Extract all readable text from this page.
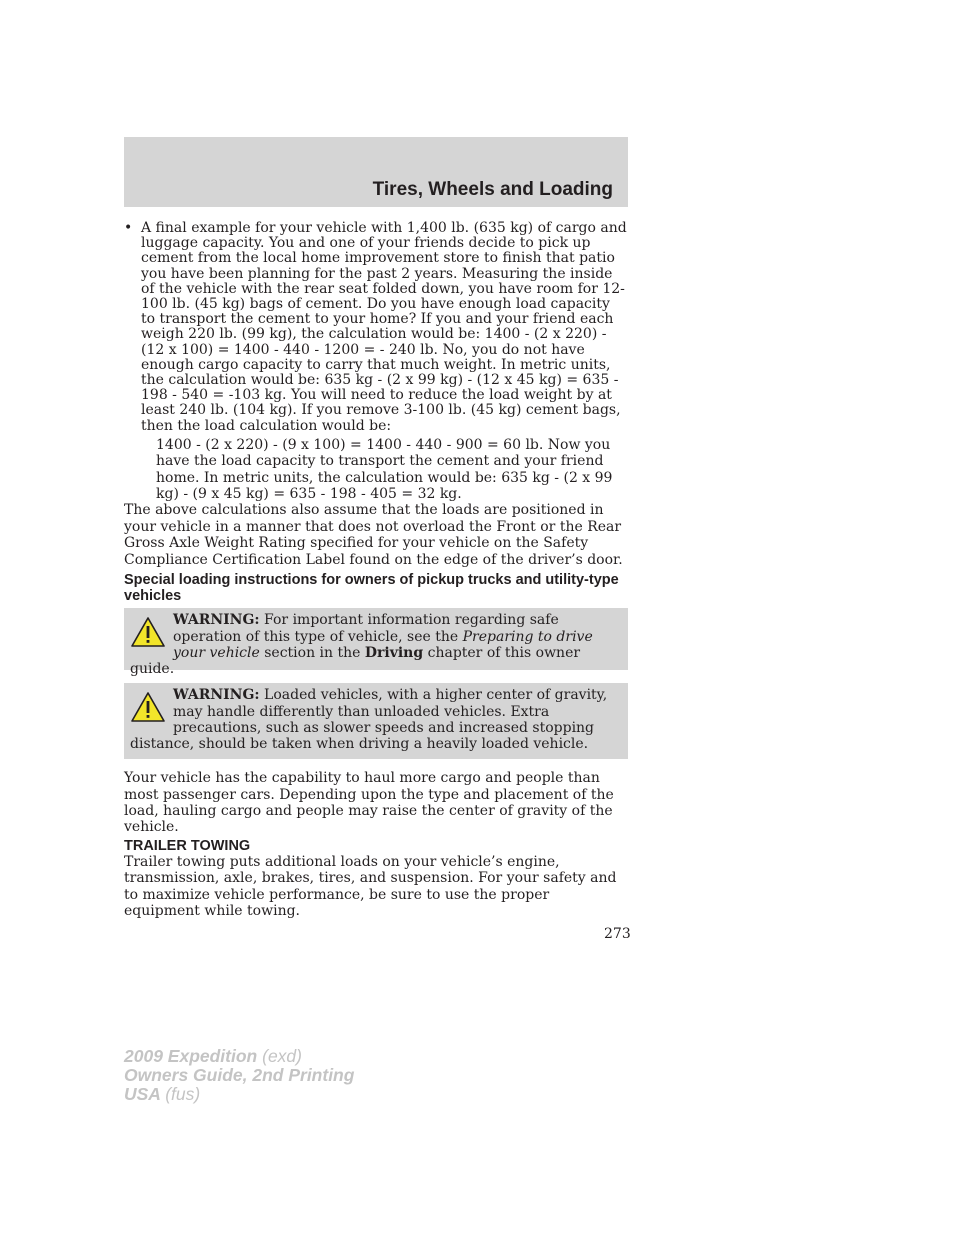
Tires, Wheels and Loading
• A final example for your vehicle with 1,400 lb. (635 kg) of cargo and luggage capacity. You and one of your friends decide to pick up cement from the local home improvement store to finish that patio you have been planning for the past 2 years. Measuring the inside of the vehicle with the rear seat folded down, you have room for 12-100 lb. (45 kg) bags of cement. Do you have enough load capacity to transport the cement to your home? If you and your friend each weigh 220 lb. (99 kg), the calculation would be: 1400 - (2 x 220) - (12 x 100) = 1400 - 440 - 1200 = - 240 lb. No, you do not have enough cargo capacity to carry that much weight. In metric units, the calculation would be: 635 kg - (2 x 99 kg) - (12 x 45 kg) = 635 - 198 - 540 = -103 kg. You will need to reduce the load weight by at least 240 lb. (104 kg). If you remove 3-100 lb. (45 kg) cement bags, then the load calculation would be:

1400 - (2 x 220) - (9 x 100) = 1400 - 440 - 900 = 60 lb. Now you have the load capacity to transport the cement and your friend home. In metric units, the calculation would be: 635 kg - (2 x 99 kg) - (9 x 45 kg) = 635 - 198 - 405 = 32 kg.

The above calculations also assume that the loads are positioned in your vehicle in a manner that does not overload the Front or the Rear Gross Axle Weight Rating specified for your vehicle on the Safety Compliance Certification Label found on the edge of the driver’s door.

Special loading instructions for owners of pickup trucks and utility-type vehicles
WARNING: For important information regarding safe operation of this type of vehicle, see the Preparing to drive your vehicle section in the Driving chapter of this owner guide.
WARNING: Loaded vehicles, with a higher center of gravity, may handle differently than unloaded vehicles. Extra precautions, such as slower speeds and increased stopping distance, should be taken when driving a heavily loaded vehicle.

Your vehicle has the capability to haul more cargo and people than most passenger cars. Depending upon the type and placement of the load, hauling cargo and people may raise the center of gravity of the vehicle.

TRAILER TOWING

Trailer towing puts additional loads on your vehicle’s engine, transmission, axle, brakes, tires, and suspension. For your safety and to maximize vehicle performance, be sure to use the proper equipment while towing.

273
2009 Expedition (exd)
Owners Guide, 2nd Printing
USA (fus)
